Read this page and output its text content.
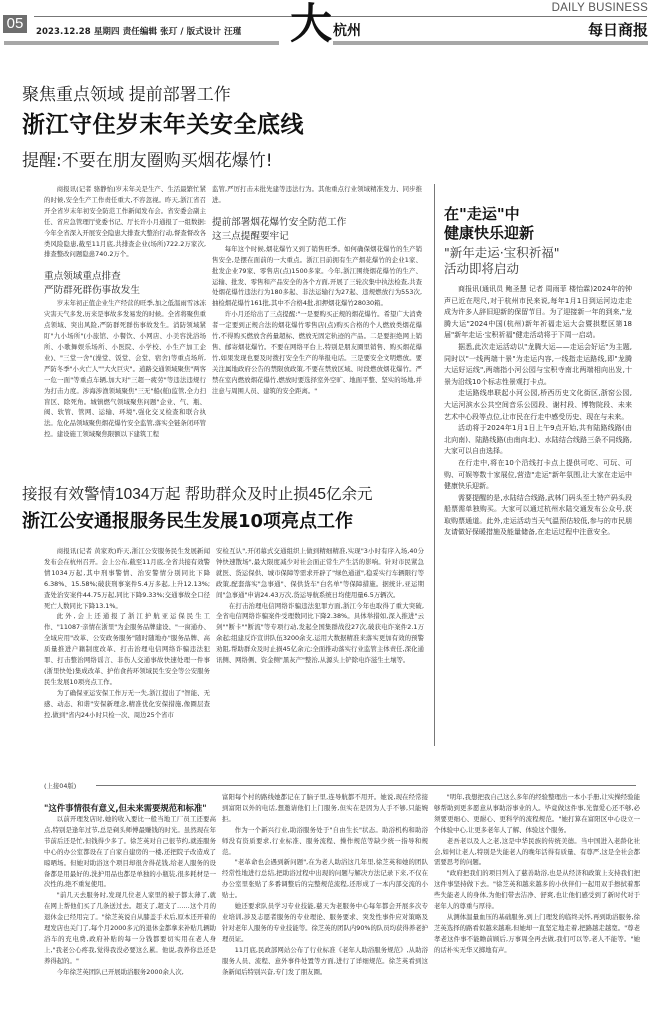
05	2023.12.28 星期四 责任编辑 张玎 / 版式设计 汪瑾 大 杭州
DAILY BUSINESS
每日商报
聚焦重点领域 提前部署工作
浙江守住岁末年关安全底线
提醒:不要在朋友圈购买烟花爆竹!

商报讯(记者 骆静怡)岁末年关是生产、生活最繁忙紧的时候,安全生产工作责任重大,不容忽视。昨天,浙江省召开全省岁末年初安全防范工作新闻发布会。省安委会副主任、省应急管理厅党委书记、厅长许小月通报了一组数据:今年全省深入开展安全隐患大排查大整治行动,督查督改各类风险隐患,截至11月底,共排查企业(场所)722.2万家次,排查整改问题隐患740.2万个。

重点领域重点排查

严防群死群伤事故发生

岁末年初正值企业生产经营的旺季,加之低温雨雪冰冻灾害天气多发,历来是事故多发易发的时候。全省将聚焦重点领域、突出风险,严防群死群伤事故发生。消防领域紧盯"九小场所"(小旅馆、小餐饮、小网店、小美容洗浴场所、小歌舞娱乐场所、小医院、小学校、小生产加工企业)、"三堂一舍"(澡堂、饭堂、会堂、宿舍)等重点场所,严防冬季"小火亡人""大火巨灾"。道路交通领域聚焦"两客一危一面"等重点车辆,加大对"三超一疲劳"等违法违规行为打击力度。涉海涉渔领域聚焦"三无"船(舶)监管,全力扫盲区、除死角。城镇燃气领域聚焦问题"企业、气、瓶、阀、软管、管网、运输、环境",强化交叉检查和联合执法。危化品领域聚焦烟花爆竹安全监管,落实全链条闭环管控。建设施工领域聚焦限额以下建筑工程

监管,严厉打击未批先建等违法行为。其他重点行业领域精准发力、同步推进。

提前部署烟花爆竹安全防范工作

这三点提醒要牢记

每年这个时候,烟花爆竹又到了销售旺季。如何确保烟花爆竹的生产销售安全,是摆在面前的一大重点。浙江目前拥有生产烟花爆竹的企业1家、批发企业79家、零售店(点)1500多家。今年,浙江围绕烟花爆竹的生产、运输、批发、零售和产品安全的各个方面,开展了三轮次集中执法检查,共查处烟花爆竹违法行为180多起、非法运输行为27起、违规燃放行为553次,抽检烟花爆竹161批,其中不合格4批,扣押烟花爆竹28030箱。

许小月还给出了三点提醒:"一是要购买正规的烟花爆竹。希望广大消费者一定要到正规合法的烟花爆竹零售店(点)购买合格的个人燃放类烟花爆竹,不得购买燃放含药量超标、燃放无固定轨迹的产品。二是要拒绝网上销售、邮寄烟花爆竹。不要在网络平台上,特别是朋友圈里销售、购买烟花爆竹,如果发现也要及时拨打安全生产的举报电话。三是要安全文明燃放。要关注属地政府公告的禁限放政策,不要在禁放区域、时段燃放烟花爆竹。严禁在室内燃放烟花爆竹,燃放时要选择室外空旷、地面平整、坚实的场地,并注意与周围人员、建筑的安全距离。"

在"走运"中
健康快乐迎新
"新年走运·宝积祈福"
活动即将启动

商报讯(通讯员 鲍圣慧 记者 周雨菲 楼怡霖)2024年的钟声已近在咫尺,对于杭州市民来说,每年1月1日到运河边走走成为许多人辞旧迎新的保留节目。为了迎接新一年的到来,"龙腾大运"2024中国(杭州)新年祈福走运大会暨拱墅区第18届"新年走运·宝积祈福"健走活动将于下周一启动。

据悉,此次走运活动以"龙腾大运——走运会好运"为主题,同时以"一线两端十景"为走运内容,一线指走运路线,即"龙腾大运好运线",两端指小河公园与宝积寺南北两端相向出发,十景为沿线10个标志性景观打卡点。

走运路线串联起小河公园,桥西历史文化街区,浙窑公园,大运河滨水公共空间音乐公园段、谢村段、博物院段、未来艺术中心段等点位,让市民在行走中感受历史、现在与未来。

活动将于2024年1月1日上午9点开始,共有陆路线路(由北向南)、陆路线路(由南向北)、水陆结合线路三条不同线路,大家可以自由选择。

在行走中,将在10个沿线打卡点上提供可吃、可玩、可购、可娱等数十家展位,营造"走运"新年氛围,让大家在走运中健康快乐迎新。

需要提醒的是,水陆结合线路,武林门码头至土特产码头段船票需单独购买。大家可以通过杭州水陆交通发布公众号,获取购票通道。此外,走运活动当天气温预估较低,参与的市民朋友请做好保暖措施及能量储备,在走运过程中注意安全。

接报有效警情1034万起 帮助群众及时止损45亿余元
浙江公安通报服务民生发展10项亮点工作

商报讯(记者 黄家欢)昨天,浙江公安服务民生发展新闻发布会在杭州召开。会上公布,截至11月底,全省共接有效警情1034万起,其中刑事警情、治安警情分别同比下降6.38%、15.58%;破获刑事案件5.4万多起,上升12.13%;查处治安案件44.75万起,同比下降9.33%;交通事故全口径死亡人数同比下降13.1%。

此外,会上还通报了浙江护航亚运保民生工作、"11087·亲情在浙里"为企服务品牌建设、"一窗通办、全域应用"改革、公安政务服务"随时随地办"服务品牌、高质量推进户籍制度改革、打击治理电信网络诈骗违法犯罪、打击整治网络谣言、非伤人交通事故快速处理一件事(浙里快处)集成改革、护佑食药环领域民生安全等公安服务民生发展10项亮点工作。

为了确保亚运安保工作万无一失,浙江提出了"智能、无感、动态、和谐"安保新理念,精准优化安保措施,像圈层查控,做到"省内24小时只检一次、周边25个省市

安检互认",开闭幕式交通组织上做到精细精准,实现"3小时有序入场,40分钟快速散场",最大限度减少对社会面正常生产生活的影响。针对市民紧急就医、货运保供、城市保障等需求开辟了"绿色通道",稳妥实行车辆限行等政策,配套落实"急事通"、保供货车"白名单"等保障措施。据统计,亚运期间"急事通"申请24.43万次,货运导航系统日均使用量6.5万辆次。

在打击治理电信网络诈骗违法犯罪方面,浙江今年也取得了重大突破,全省电信网络诈骗案件受理数同比下降2.38%。具体举措如,深入推进"云剑""断卡""断流"等专项行动,发起全国集群战役27次,破获电诈案件2.1万余起;组建反诈宣讲队伍3200余支,运用大数据精准来落实更加有效的预警劝阻,帮助群众及时止损45亿余元;全面推动落实行业监管主体责任,深化通讯侧、网络侧、资金侧"黑灰产"整治,从源头上铲除电诈滋生土壤等。

(上接04版)

"这件事情很有意义,但未来需要规范和标准"

以前开理发店时,她的收入要比一般当地工厂员工还要高点,特别是逢年过节,总是剃头师傅最赚钱的时光。虽然现在年节前后还是忙,但钱得少多了。徐芝英对自己很节约,就连服务中心的办公室都设在了自家自建房的一楼,还把院子改造成了晾晒场。但她对助浴这个项目却很舍得花钱,给老人服务的设备都是用最好的,洗护用品也都是单独的小瓶装,很多耗材是一次性的,绝不重复使用。

"前几天去服务时,发现几位老人家里的被子都太薄了,就在网上帮他们买了几条送过去。超支了,超支了……这个月的退休金已经用完了。"徐芝英说自从膝盖手术后,原本还开着的理发店也关门了,每个月2000多元的退休金都拿来补贴几辆助浴车的充电费,政府补贴的每一分钱都要切实用在老人身上,"我老公心疼我,觉得我没必要这么累。他说,我养你总还是养得起的。"

今年徐芝英团队已开展助浴服务2000余人次,

富阳每个村的路线她都记在了脑子里,连导航都不用开。她说,现在经常接到富阳以外的电话,想邀请他们上门服务,但实在是因为人手不够,只能婉拒。

作为一个新兴行业,助浴服务处于"自由生长"状态。助浴机构和助浴师没有资质要求,行业标准、服务流程、操作规范等缺少统一指导和规范。

"老革命也会遇到新问题",在为老人助浴这几年里,徐芝英和她的团队经常性地进行总结,把助浴过程中出现的问题与解决方法记录下来,不仅在办公室里张贴了多番调整后的完整规范流程,还形成了一本内部交流的小贴士。

她还要求队员学习专业技能,慈天为老服务中心每年都会开展多次专业培训,涉及志愿者服务的专业理论、服务要求、突发性事件应对策略及针对老年人服务的专业技能等。徐芝英的团队内90%的队员均获得养老护理员证。

11月底,民政部网站公布了行业标准《老年人助浴服务规范》,从助浴服务人员、流程、意外事件处置等方面,进行了详细规范。徐芝英看到这条新闻后特别兴奋,专门发了朋友圈。

"明年,我想把我自己这么多年的经验整理出一本小手册,让实操经验能够帮助到更多愿意从事助浴事业的人。毕竟做这件事,光靠爱心还不够,必须要更细心、更耐心、更科学的流程规范。"她打算在富阳区中心设立一个体验中心,让更多老年人了解、体验这个服务。

老吾老以及人之老,这是中华民族的传统美德。当中国进入老龄化社会,如何让老人,特别是失能老人的晚年活得有质量、有尊严,这是全社会都需要思考的问题。

"政府把我们的项目列入了慈善助浴,也是从经济和政策上支持我们把这件事坚持做下去。"徐芝英和越来越多的小伙伴们一起用双手擦拭着那些失能老人的身体,为他们带去洁净、舒爽,也让他们感受到了新时代对于老年人的尊重与厚待。

从测体温量血压的基础服务,到上门理发的临终关怀,再到助浴服务,徐芝英选择的路看似越来越难,但她却一直坚定地走着,把路越走越宽。"尊老孝老这件事不能瞻前顾后,万事周全再去做,我们可以等,老人不能等。"她的话朴实无华又掷地有声。
